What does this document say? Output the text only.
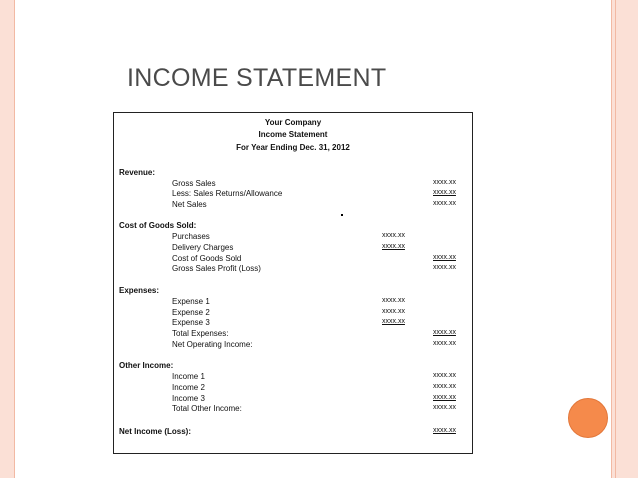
INCOME STATEMENT
Your Company
Income Statement
For Year Ending Dec. 31, 2012
Revenue:
Gross Sales	xxxx.xx
Less: Sales Returns/Allowance	xxxx.xx
Net Sales	xxxx.xx
Cost of Goods Sold:
Purchases	xxxx.xx
Delivery Charges	xxxx.xx
Cost of Goods Sold	xxxx.xx
Gross Sales Profit (Loss)	xxxx.xx
Expenses:
Expense 1	xxxx.xx
Expense 2	xxxx.xx
Expense 3	xxxx.xx
Total Expenses:	xxxx.xx
Net Operating Income:	xxxx.xx
Other Income:
Income 1	xxxx.xx
Income 2	xxxx.xx
Income 3	xxxx.xx
Total Other Income:	xxxx.xx
Net Income (Loss):	xxxx.xx
